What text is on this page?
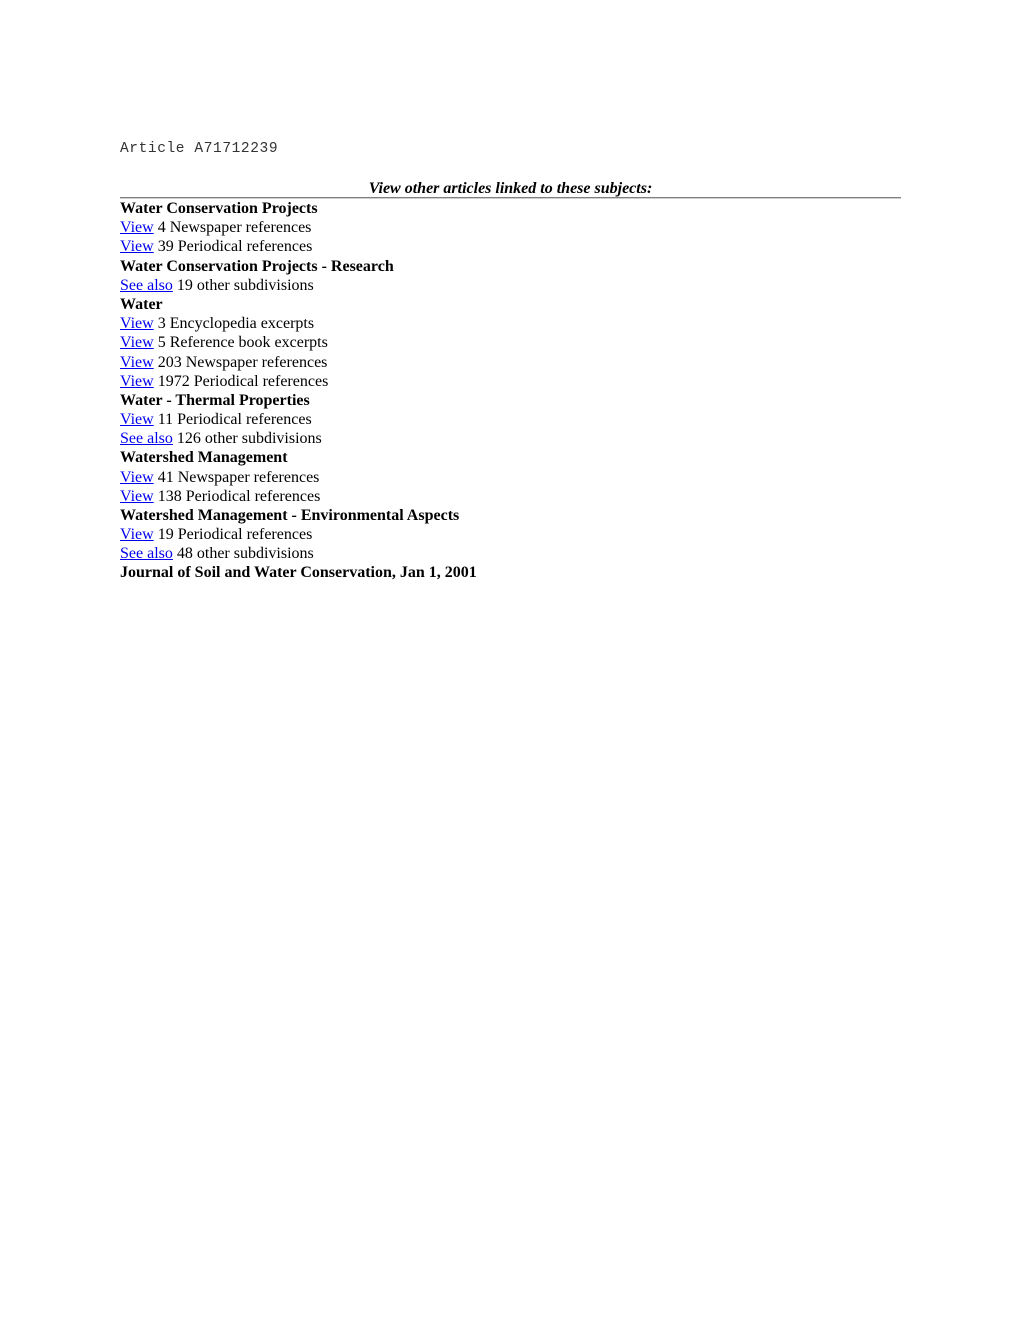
Article A71712239

View other articles linked to these subjects:
Water Conservation Projects
View 4 Newspaper references
View 39 Periodical references
Water Conservation Projects - Research
See also 19 other subdivisions
Water
View 3 Encyclopedia excerpts
View 5 Reference book excerpts
View 203 Newspaper references
View 1972 Periodical references
Water - Thermal Properties
View 11 Periodical references
See also 126 other subdivisions
Watershed Management
View 41 Newspaper references
View 138 Periodical references
Watershed Management - Environmental Aspects
View 19 Periodical references
See also 48 other subdivisions
Journal of Soil and Water Conservation, Jan 1, 2001
